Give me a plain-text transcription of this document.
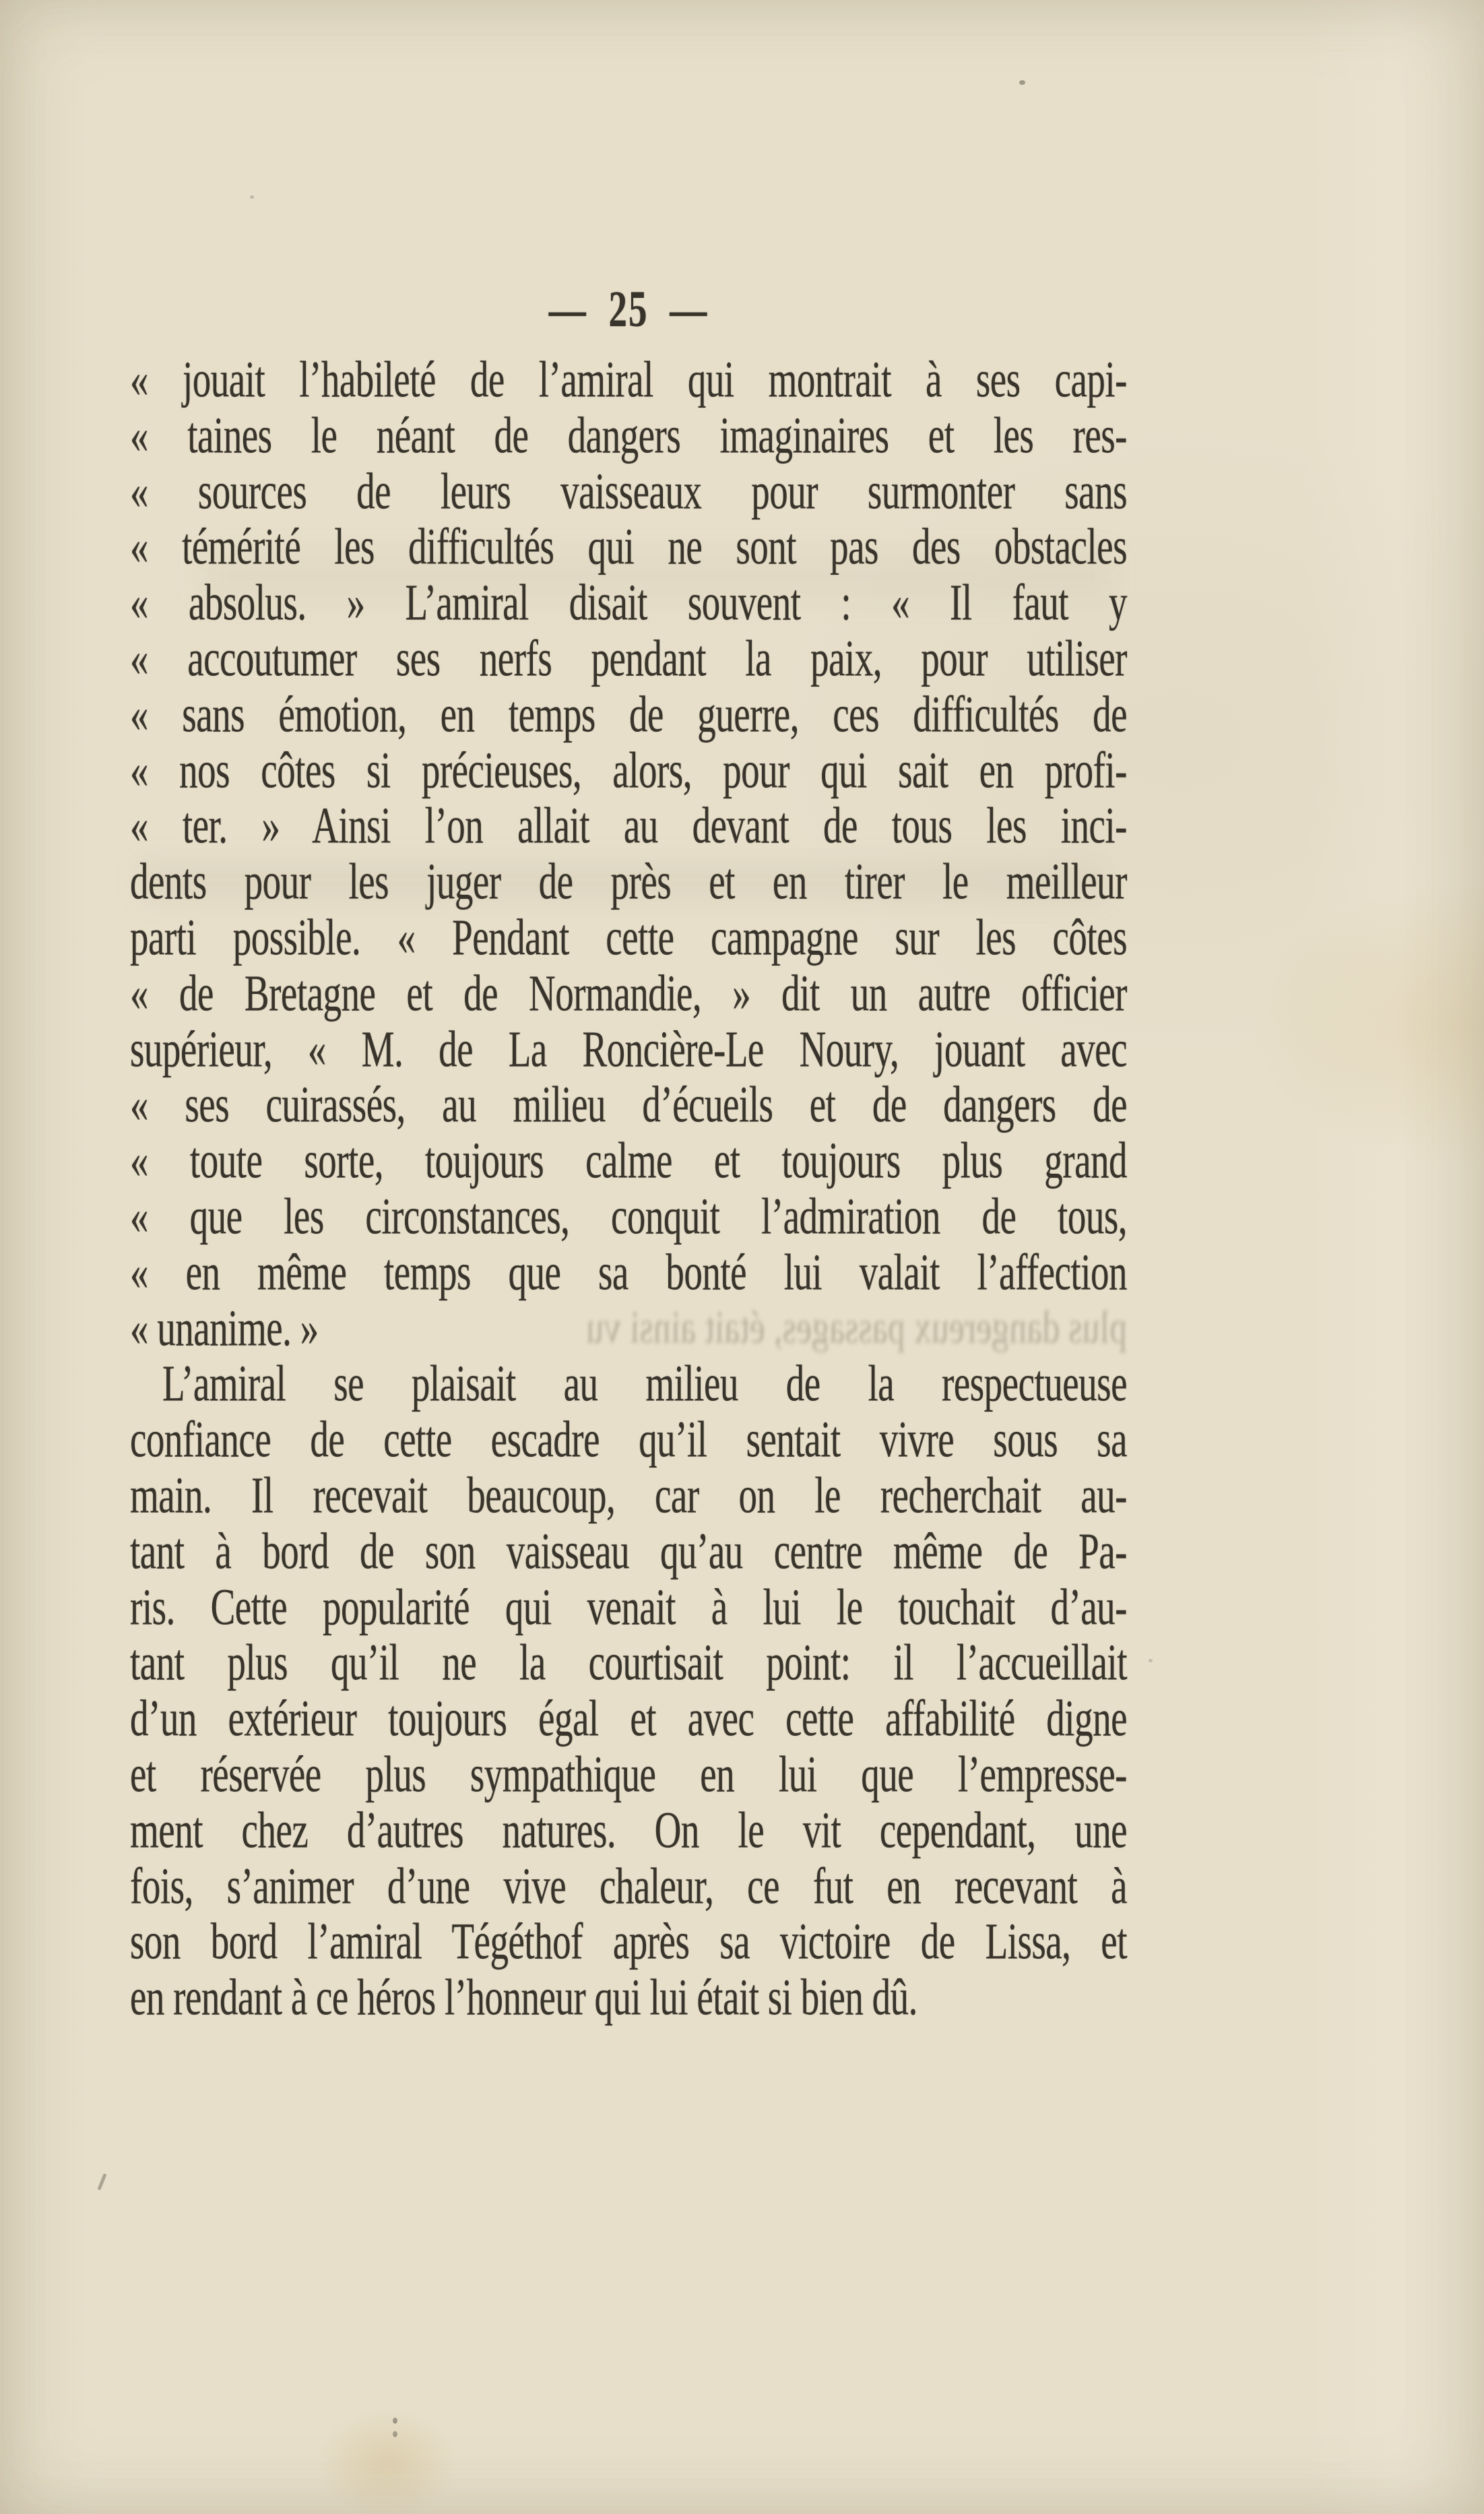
— 25 —
plus dangereux passages, était ainsi vu
« jouait l’habileté de l’amiral qui montrait à ses capi-
« taines le néant de dangers imaginaires et les res-
« sources de leurs vaisseaux pour surmonter sans
« témérité les difficultés qui ne sont pas des obstacles
« absolus. » L’amiral disait souvent : « Il faut y
« accoutumer ses nerfs pendant la paix, pour utiliser
« sans émotion, en temps de guerre, ces difficultés de
« nos côtes si précieuses, alors, pour qui sait en profi-
« ter. » Ainsi l’on allait au devant de tous les inci-
dents pour les juger de près et en tirer le meilleur
parti possible. « Pendant cette campagne sur les côtes
« de Bretagne et de Normandie, » dit un autre officier
supérieur, « M. de La Roncière-Le Noury, jouant avec
« ses cuirassés, au milieu d’écueils et de dangers de
« toute sorte, toujours calme et toujours plus grand
« que les circonstances, conquit l’admiration de tous,
« en même temps que sa bonté lui valait l’affection
« unanime. »
L’amiral se plaisait au milieu de la respectueuse
confiance de cette escadre qu’il sentait vivre sous sa
main. Il recevait beaucoup, car on le recherchait au-
tant à bord de son vaisseau qu’au centre même de Pa-
ris. Cette popularité qui venait à lui le touchait d’au-
tant plus qu’il ne la courtisait point: il l’accueillait
d’un extérieur toujours égal et avec cette affabilité digne
et réservée plus sympathique en lui que l’empresse-
ment chez d’autres natures. On le vit cependant, une
fois, s’animer d’une vive chaleur, ce fut en recevant à
son bord l’amiral Tégéthof après sa victoire de Lissa, et
en rendant à ce héros l’honneur qui lui était si bien dû.
